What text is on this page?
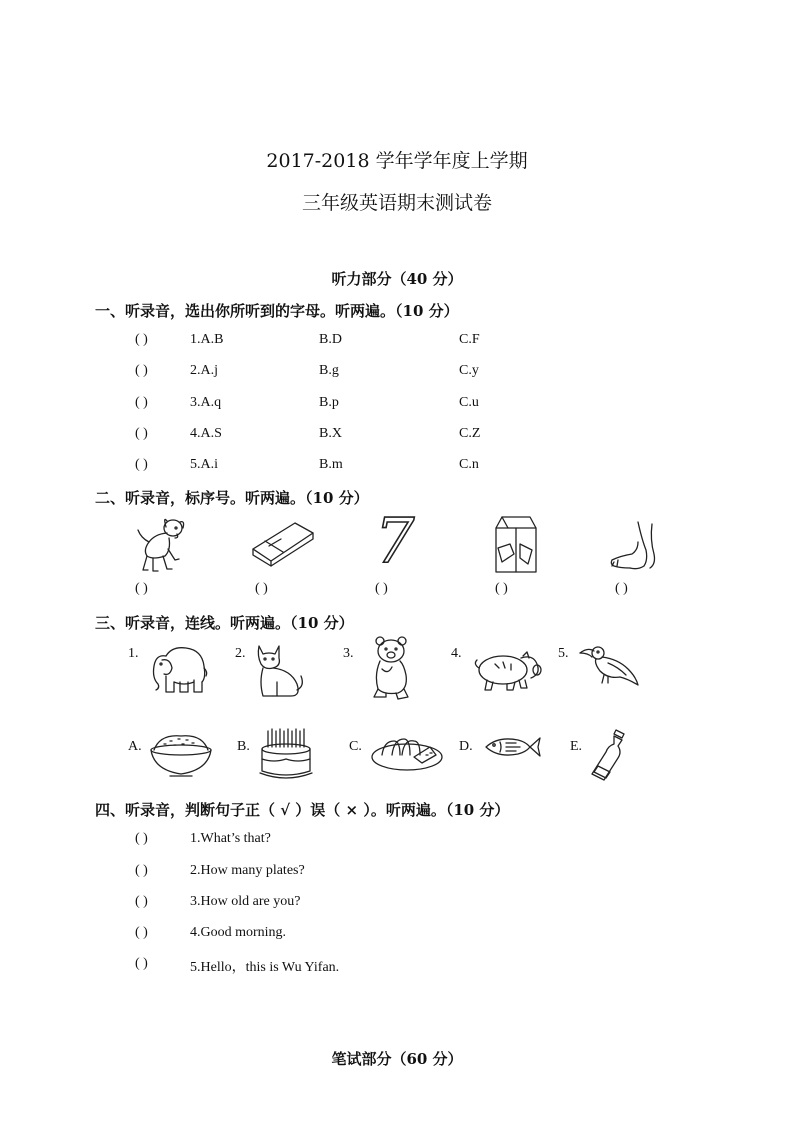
2017-2018 学年学年度上学期
三年级英语期末测试卷
听力部分（40 分）
一、听录音，选出你所听到的字母。听两遍。（10 分）
( )	1.A.B	B.D	C.F
( )	2.A.j	B.g	C.y
( )	3.A.q	B.p	C.u
( )	4.A.S	B.X	C.Z
( )	5.A.i	B.m	C.n
二、听录音，标序号。听两遍。（10 分）
( )	( )
7
( )	( )	( )
三、听录音，连线。听两遍。（10 分）
1.	2.	3.	4.	5.
A.	B.	C.	D.	E.
四、听录音，判断句子正（ √ ）误（ × ）。听两遍。（10 分）
( )	1.What’s that?
( )	2.How many plates?
( )	3.How old are you?
( )	4.Good morning.
( )	5.Hello，this is Wu Yifan.
笔试部分（60 分）
